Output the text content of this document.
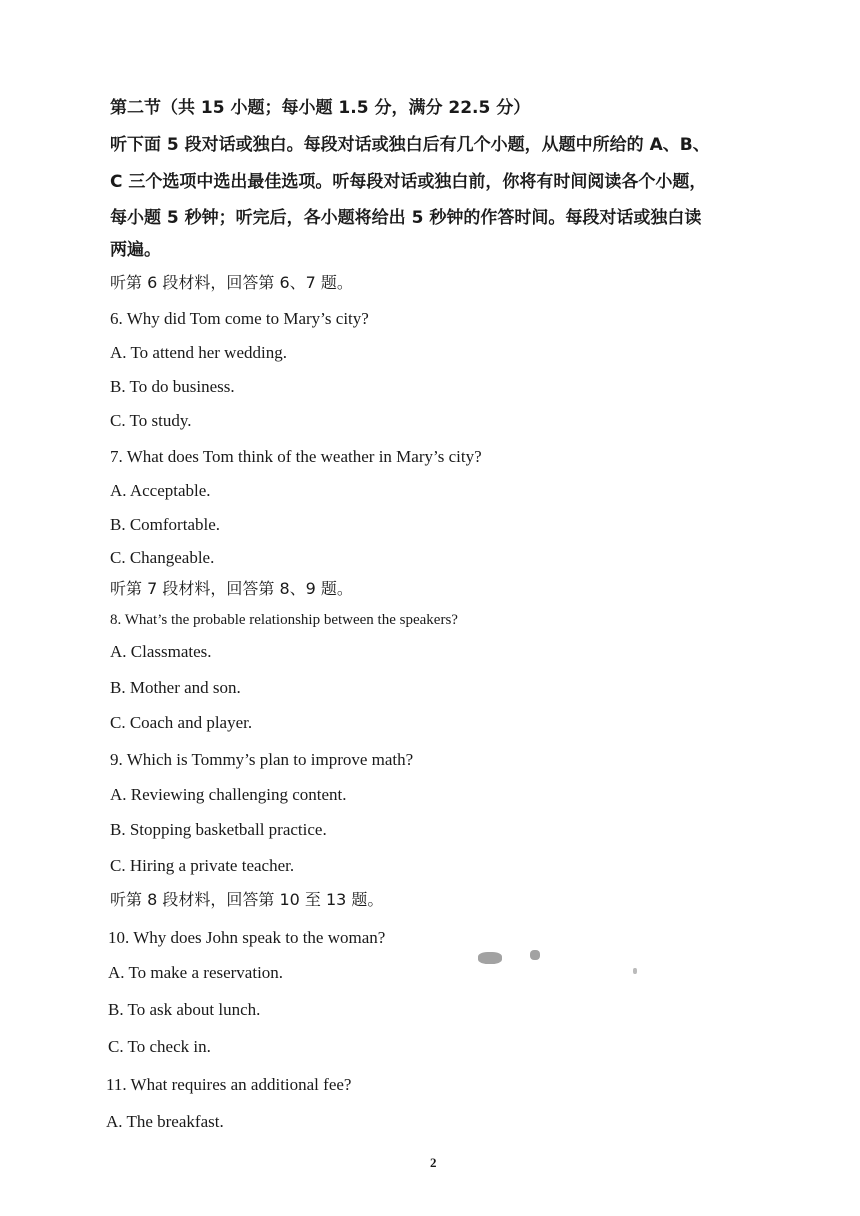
第二节（共 15 小题；每小题 1.5 分，满分 22.5 分）
听下面 5 段对话或独白。每段对话或独白后有几个小题，从题中所给的 A、B、
C 三个选项中选出最佳选项。听每段对话或独白前，你将有时间阅读各个小题，
每小题 5 秒钟；听完后，各小题将给出 5 秒钟的作答时间。每段对话或独白读
两遍。
听第 6 段材料，回答第 6、7 题。
6. Why did Tom come to Mary’s city?
A. To attend her wedding.
B. To do business.
C. To study.
7. What does Tom think of the weather in Mary’s city?
A. Acceptable.
B. Comfortable.
C. Changeable.
听第 7 段材料，回答第 8、9 题。
8. What’s the probable relationship between the speakers?
A. Classmates.
B. Mother and son.
C. Coach and player.
9. Which is Tommy’s plan to improve math?
A. Reviewing challenging content.
B. Stopping basketball practice.
C. Hiring a private teacher.
听第 8 段材料，回答第 10 至 13 题。
10. Why does John speak to the woman?
A. To make a reservation.
B. To ask about lunch.
C. To check in.
11. What requires an additional fee?
A. The breakfast.
2
